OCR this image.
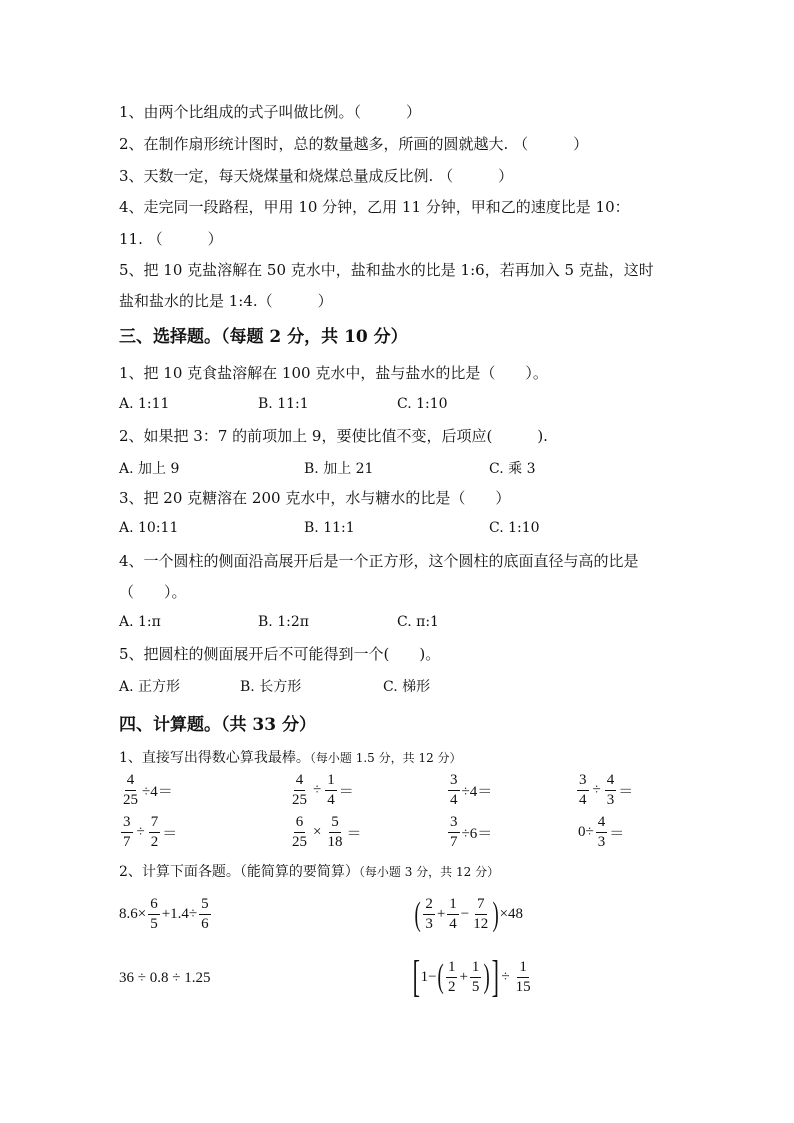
1、由两个比组成的式子叫做比例。（　　　）
2、在制作扇形统计图时，总的数量越多，所画的圆就越大. （　　　）
3、天数一定，每天烧煤量和烧煤总量成反比例. （　　　）
4、走完同一段路程，甲用 10 分钟，乙用 11 分钟，甲和乙的速度比是 10：
11. （　　　）
5、把 10 克盐溶解在 50 克水中，盐和盐水的比是 1:6，若再加入 5 克盐，这时
盐和盐水的比是 1:4.（　　　）
三、选择题。（每题 2 分，共 10 分）
1、把 10 克食盐溶解在 100 克水中，盐与盐水的比是（　　）。
A. 1:11	B. 11:1	C. 1:10
2、如果把 3：7 的前项加上 9，要使比值不变，后项应(　　　).
A. 加上 9	B. 加上 21	C. 乘 3
3、把 20 克糖溶在 200 克水中，水与糖水的比是（　　）
A. 10:11	B. 11:1	C. 1:10
4、一个圆柱的侧面沿高展开后是一个正方形，这个圆柱的底面直径与高的比是
（　　）。
A. 1:π	B. 1:2π	C. π:1
5、把圆柱的侧面展开后不可能得到一个(　　)。
A. 正方形	B. 长方形	C. 梯形
四、计算题。（共 33 分）
1、直接写出得数心算我最棒。（每小题 1.5 分，共 12 分）
$\frac{4}{25} \div 4=$	$\frac{4}{25} \div \frac{1}{4}$ ＝	$\frac{3}{4} \div 4=$	$\frac{3}{4} \div \frac{4}{3}$ ＝
$\frac{3}{7} \div \frac{7}{2}$ ＝	$\frac{6}{25} \times \frac{5}{18}$ ＝	$\frac{3}{7} \div 6=$	$0\div \frac{4}{3}$ ＝
2、计算下面各题。（能简算的要简算）（每小题 3 分，共 12 分）
$8.6\times \frac{6}{5} +1.4\div \frac{5}{6}$	( $\frac{2}{3} + \frac{1}{4} - \frac{7}{12}$ ) ×48
36 ÷ 0.8 ÷ 1.25	[ 1− ( $\frac{1}{2} + \frac{1}{5}$ ) ] ÷ $\frac{1}{15}$
